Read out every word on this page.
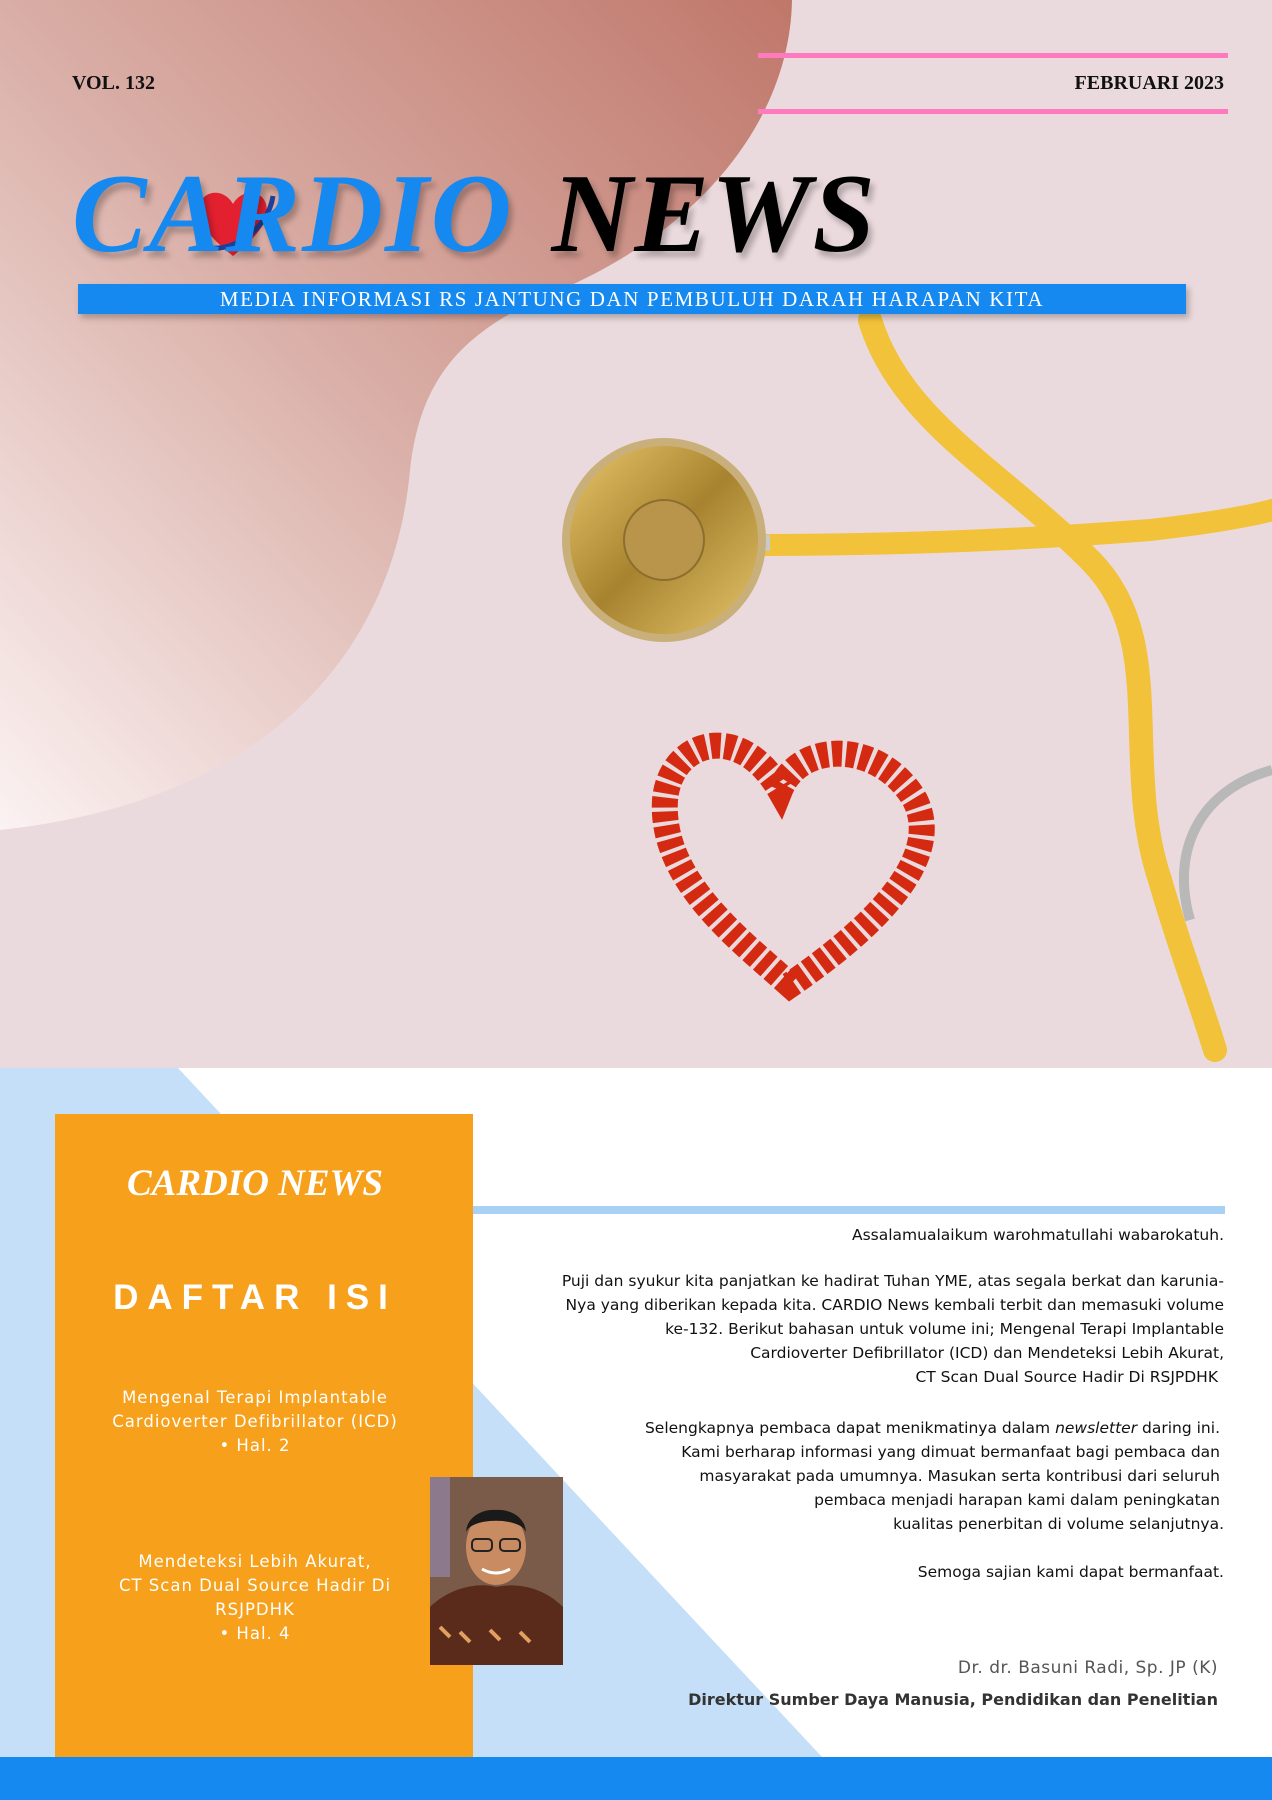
VOL. 132	FEBRUARI 2023
CARDIO NEWS
MEDIA INFORMASI RS JANTUNG DAN PEMBULUH DARAH HARAPAN KITA
CARDIO NEWS
DAFTAR ISI
Mengenal Terapi Implantable
Cardioverter Defibrillator (ICD)
• Hal. 2
Mendeteksi Lebih Akurat,
CT Scan Dual Source Hadir Di
RSJPDHK
• Hal. 4
Assalamualaikum warohmatullahi wabarokatuh.
Puji dan syukur kita panjatkan ke hadirat Tuhan YME, atas segala berkat dan karunia-
Nya yang diberikan kepada kita. CARDIO News kembali terbit dan memasuki volume
ke-132. Berikut bahasan untuk volume ini; Mengenal Terapi Implantable
Cardioverter Defibrillator (ICD) dan Mendeteksi Lebih Akurat,
CT Scan Dual Source Hadir Di RSJPDHK
Selengkapnya pembaca dapat menikmatinya dalam newsletter daring ini.
Kami berharap informasi yang dimuat bermanfaat bagi pembaca dan
masyarakat pada umumnya. Masukan serta kontribusi dari seluruh
pembaca menjadi harapan kami dalam peningkatan
kualitas penerbitan di volume selanjutnya.
Semoga sajian kami dapat bermanfaat.
Dr. dr. Basuni Radi, Sp. JP (K)
Direktur Sumber Daya Manusia, Pendidikan dan Penelitian
